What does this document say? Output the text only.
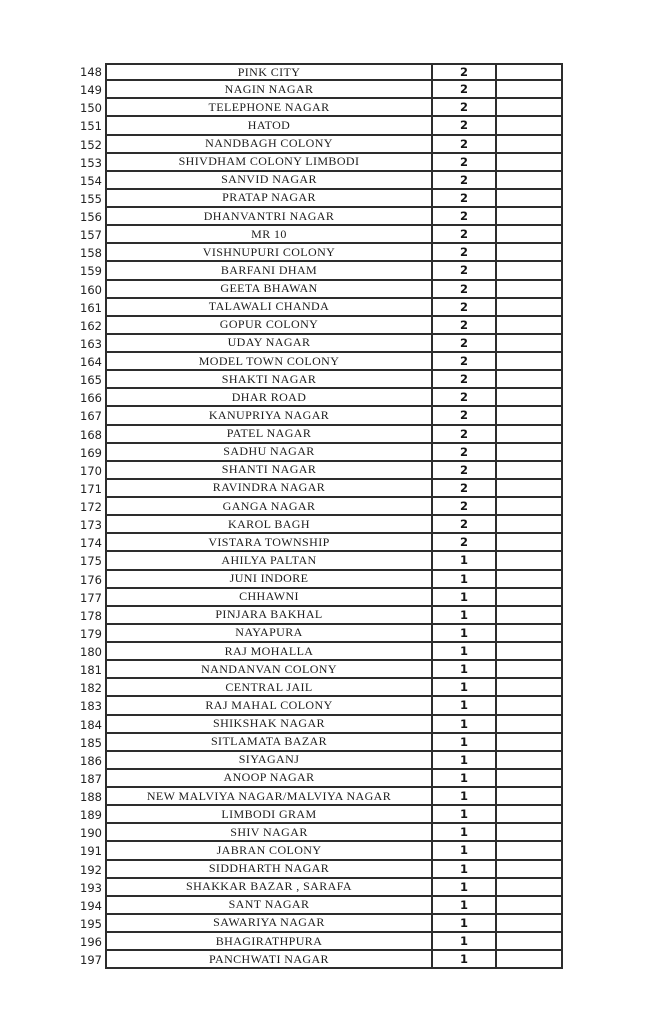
148	PINK CITY	2
149	NAGIN NAGAR	2
150	TELEPHONE NAGAR	2
151	HATOD	2
152	NANDBAGH COLONY	2
153	SHIVDHAM COLONY LIMBODI	2
154	SANVID NAGAR	2
155	PRATAP NAGAR	2
156	DHANVANTRI NAGAR	2
157	MR 10	2
158	VISHNUPURI COLONY	2
159	BARFANI DHAM	2
160	GEETA BHAWAN	2
161	TALAWALI CHANDA	2
162	GOPUR COLONY	2
163	UDAY NAGAR	2
164	MODEL TOWN COLONY	2
165	SHAKTI NAGAR	2
166	DHAR ROAD	2
167	KANUPRIYA NAGAR	2
168	PATEL NAGAR	2
169	SADHU NAGAR	2
170	SHANTI NAGAR	2
171	RAVINDRA NAGAR	2
172	GANGA NAGAR	2
173	KAROL BAGH	2
174	VISTARA TOWNSHIP	2
175	AHILYA PALTAN	1
176	JUNI INDORE	1
177	CHHAWNI	1
178	PINJARA BAKHAL	1
179	NAYAPURA	1
180	RAJ MOHALLA	1
181	NANDANVAN COLONY	1
182	CENTRAL JAIL	1
183	RAJ MAHAL COLONY	1
184	SHIKSHAK NAGAR	1
185	SITLAMATA BAZAR	1
186	SIYAGANJ	1
187	ANOOP NAGAR	1
188	NEW MALVIYA NAGAR/MALVIYA NAGAR	1
189	LIMBODI GRAM	1
190	SHIV NAGAR	1
191	JABRAN COLONY	1
192	SIDDHARTH NAGAR	1
193	SHAKKAR BAZAR , SARAFA	1
194	SANT NAGAR	1
195	SAWARIYA NAGAR	1
196	BHAGIRATHPURA	1
197	PANCHWATI NAGAR	1
